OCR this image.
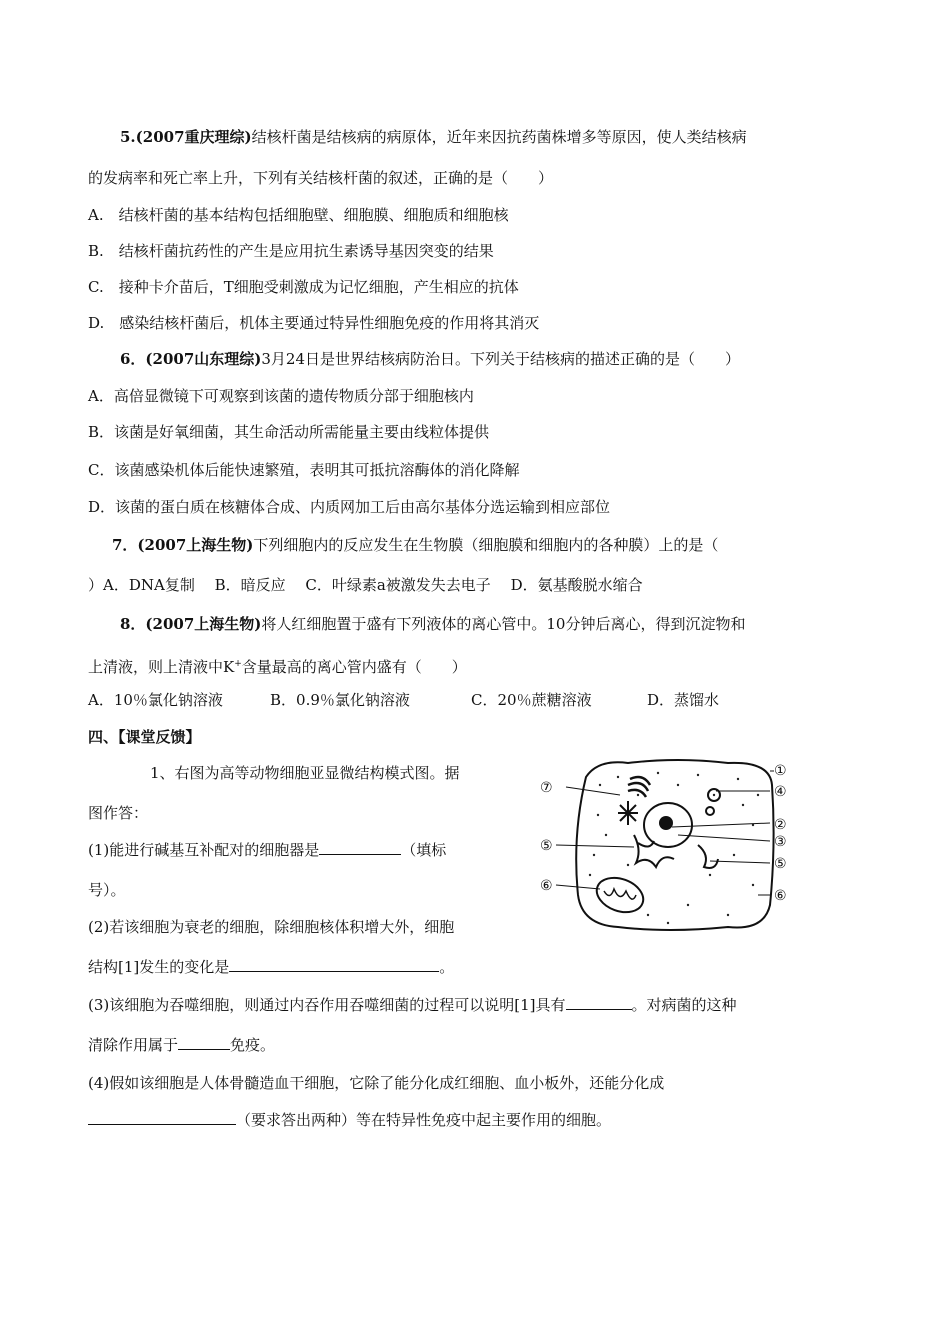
5.(2007重庆理综)结核杆菌是结核病的病原体，近年来因抗药菌株增多等原因，使人类结核病
的发病率和死亡率上升，下列有关结核杆菌的叙述，正确的是（　　）
A.　结核杆菌的基本结构包括细胞壁、细胞膜、细胞质和细胞核
B.　结核杆菌抗药性的产生是应用抗生素诱导基因突变的结果
C.　接种卡介苗后，T细胞受刺激成为记忆细胞，产生相应的抗体
D.　感染结核杆菌后，机体主要通过特异性细胞免疫的作用将其消灭
6．(2007山东理综)3月24日是世界结核病防治日。下列关于结核病的描述正确的是（　　）
A．高倍显微镜下可观察到该菌的遗传物质分部于细胞核内
B．该菌是好氧细菌，其生命活动所需能量主要由线粒体提供
C．该菌感染机体后能快速繁殖，表明其可抵抗溶酶体的消化降解
D．该菌的蛋白质在核糖体合成、内质网加工后由高尔基体分选运输到相应部位
7．(2007上海生物)下列细胞内的反应发生在生物膜（细胞膜和细胞内的各种膜）上的是（
）A．DNA复制　 B．暗反应　 C．叶绿素a被激发失去电子　 D．氨基酸脱水缩合
8．(2007上海生物)将人红细胞置于盛有下列液体的离心管中。10分钟后离心，得到沉淀物和
上清液，则上清液中K+含量最高的离心管内盛有（　　）
A．10％氯化钠溶液	B．0.9％氯化钠溶液	C．20％蔗糖溶液	D．蒸馏水
四、【课堂反馈】
1、右图为高等动物细胞亚显微结构模式图。据
图作答：
(1)能进行碱基互补配对的细胞器是	（填标
号）。
(2)若该细胞为衰老的细胞，除细胞核体积增大外，细胞
结构[1]发生的变化是	。
(3)该细胞为吞噬细胞，则通过内吞作用吞噬细菌的过程可以说明[1]具有	。对病菌的这种
清除作用属于	免疫。
(4)假如该细胞是人体骨髓造血干细胞，它除了能分化成红细胞、血小板外，还能分化成
（要求答出两种）等在特异性免疫中起主要作用的细胞。
①
④
②
③
⑤
⑥
⑦
⑤
⑥
